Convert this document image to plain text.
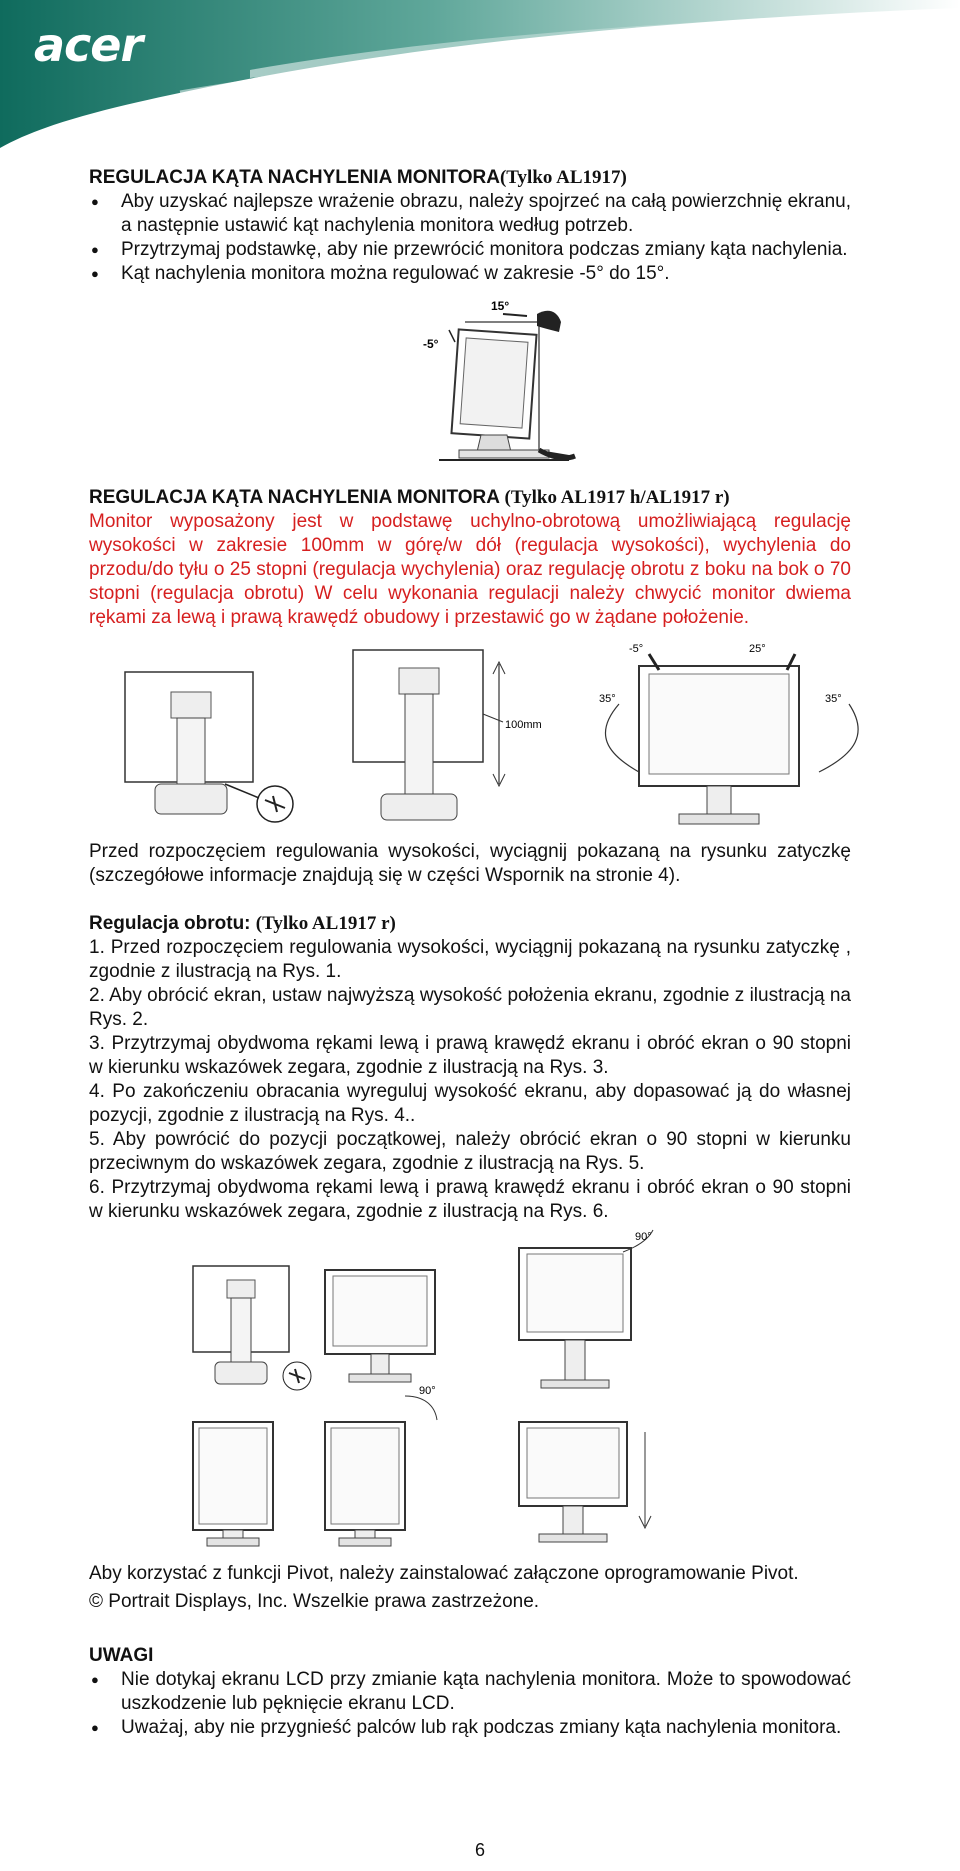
acer

REGULACJA KĄTA NACHYLENIA MONITORA(Tylko AL1917)

● Aby uzyskać najlepsze wrażenie obrazu, należy spojrzeć na całą powierzchnię ekranu, a następnie ustawić kąt nachylenia monitora według potrzeb.
● Przytrzymaj podstawkę, aby nie przewrócić monitora podczas zmiany kąta nachylenia.
● Kąt nachylenia monitora można regulować w zakresie -5° do 15°.
15°
-5°

REGULACJA KĄTA NACHYLENIA MONITORA (Tylko AL1917 h/AL1917 r)

Monitor wyposażony jest w podstawę uchylno-obrotową umożliwiającą regulację wysokości w zakresie 100mm w górę/w dół (regulacja wysokości), wychylenia do przodu/do tyłu o 25 stopni (regulacja wychylenia) oraz regulację obrotu z boku na bok o 70 stopni (regulacja obrotu) W celu wykonania regulacji należy chwycić monitor dwiema rękami za lewą i prawą krawędź obudowy i przestawić go w żądane położenie.

100mm
-5°	25°
35°	35°

Przed rozpoczęciem regulowania wysokości, wyciągnij pokazaną na rysunku zatyczkę (szczegółowe informacje znajdują się w części Wspornik na stronie 4).

Regulacja obrotu: (Tylko AL1917 r)

1. Przed rozpoczęciem regulowania wysokości, wyciągnij pokazaną na rysunku zatyczkę , zgodnie z ilustracją na Rys. 1.

2. Aby obrócić ekran, ustaw najwyższą wysokość położenia ekranu, zgodnie z ilustracją na Rys. 2.

3. Przytrzymaj obydwoma rękami lewą i prawą krawędź ekranu i obróć ekran o 90 stopni w kierunku wskazówek zegara, zgodnie z ilustracją na Rys. 3.

4. Po zakończeniu obracania wyreguluj wysokość ekranu, aby dopasować ją do własnej pozycji, zgodnie z ilustracją na Rys. 4..

5. Aby powrócić do pozycji początkowej, należy obrócić ekran o 90 stopni w kierunku przeciwnym do wskazówek zegara, zgodnie z ilustracją na Rys. 5.

6. Przytrzymaj obydwoma rękami lewą i prawą krawędź ekranu i obróć ekran o 90 stopni w kierunku wskazówek zegara, zgodnie z ilustracją na Rys. 6.

90°
90°

Aby korzystać z funkcji Pivot, należy zainstalować załączone oprogramowanie Pivot.

© Portrait Displays, Inc. Wszelkie prawa zastrzeżone.

UWAGI

● Nie dotykaj ekranu LCD przy zmianie kąta nachylenia monitora. Może to spowodować uszkodzenie lub pęknięcie ekranu LCD.
● Uważaj, aby nie przygnieść palców lub rąk podczas zmiany kąta nachylenia monitora.
6
